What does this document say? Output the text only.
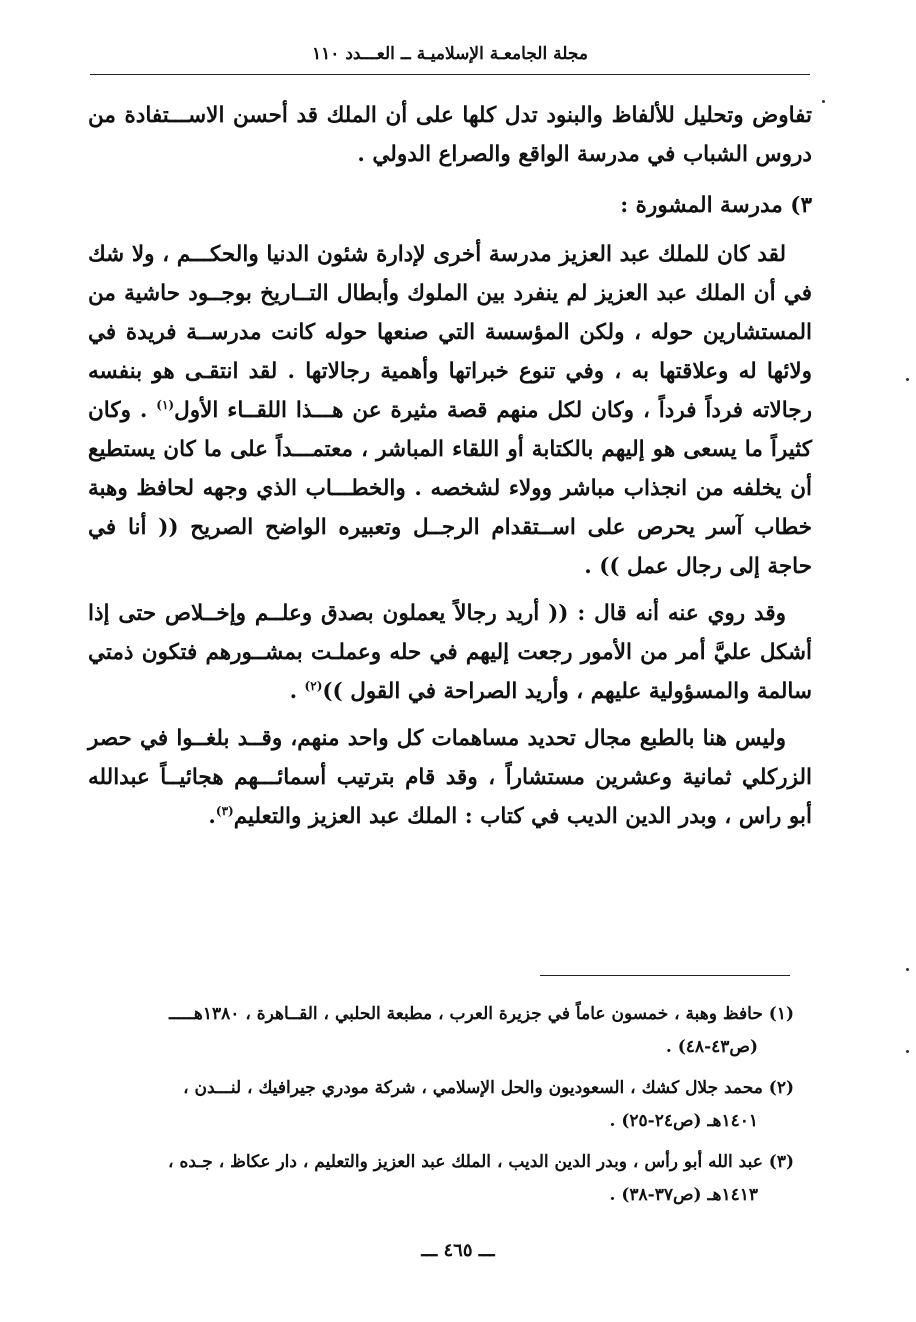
مجلة الجامعـة الإسلاميـة ــ العـــدد ١١٠

تفاوض وتحليل للألفاظ والبنود تدل كلها على أن الملك قد أحسن الاســـتفادة من دروس الشباب في مدرسة الواقع والصراع الدولي .

٣) مدرسة المشورة :

لقد كان للملك عبد العزيز مدرسة أخرى لإدارة شئون الدنيا والحكـــم ، ولا شك في أن الملك عبد العزيز لم ينفرد بين الملوك وأبطال التــاريخ بوجــود حاشية من المستشارين حوله ، ولكن المؤسسة التي صنعها حوله كانت مدرســة فريدة في ولائها له وعلاقتها به ، وفي تنوع خبراتها وأهمية رجالاتها . لقد انتقـى هو بنفسه رجالاته فرداً فرداً ، وكان لكل منهم قصة مثيرة عن هـــذا اللقــاء الأول$^{(١)}$ . وكان كثيراً ما يسعى هو إليهم بالكتابة أو اللقاء المباشر ، معتمـــداً على ما كان يستطيع أن يخلفه من انجذاب مباشر وولاء لشخصه . والخطـــاب الذي وجهه لحافظ وهبة خطاب آسر يحرص على اســتقدام الرجــل وتعبيره الواضح الصريح (( أنا في حاجة إلى رجال عمل )) .

وقد روي عنه أنه قال : (( أريد رجالاً يعملون بصدق وعلــم وإخــلاص حتى إذا أشكل عليَّ أمر من الأمور رجعت إليهم في حله وعملـت بمشــورهم فتكون ذمتي سالمة والمسؤولية عليهم ، وأريد الصراحة في القول ))$^{(٢)}$ .

وليس هنا بالطبع مجال تحديد مساهمات كل واحد منهم، وقــد بلغــوا في حصر الزركلي ثمانية وعشرين مستشاراً ، وقد قام بترتيب أسمائـــهم هجائيــاً عبدالله أبو راس ، وبدر الدين الديب في كتاب : الملك عبد العزيز والتعليم$^{(٣)}$.

(١) حافظ وهبة ، خمسون عاماً في جزيرة العرب ، مطبعة الحلبي ، القــاهرة ، ١٣٨٠هـــــ
(ص٤٣-٤٨) .
(٢) محمد جلال كشك ، السعوديون والحل الإسلامي ، شركة مودري جيرافيك ، لنـــدن ،
١٤٠١هـ (ص٢٤-٢٥) .
(٣) عبد الله أبو رأس ، وبدر الدين الديب ، الملك عبد العزيز والتعليم ، دار عكاظ ، جـده ،
١٤١٣هـ (ص٣٧-٣٨) .
ـــ ٤٦٥ ـــ
